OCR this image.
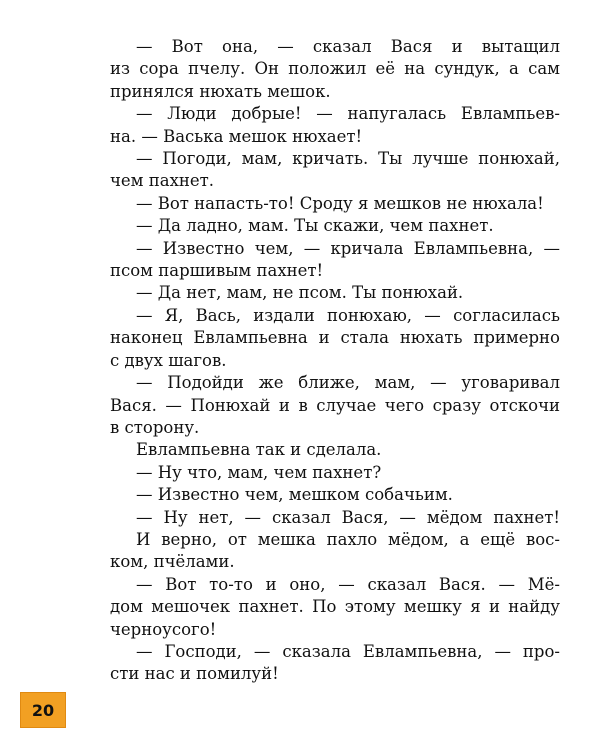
— Вот она, — сказал Вася и вытащил
из сора пчелу. Он положил её на сундук, а сам
принялся нюхать мешок.
— Люди добрые! — напугалась Евлампьев-
на. — Васька мешок нюхает!
— Погоди, мам, кричать. Ты лучше понюхай,
чем пахнет.
— Вот напасть-то! Сроду я мешков не нюхала!
— Да ладно, мам. Ты скажи, чем пахнет.
— Известно чем, — кричала Евлампьевна, —
псом паршивым пахнет!
— Да нет, мам, не псом. Ты понюхай.
— Я, Вась, издали понюхаю, — согласилась
наконец Евлампьевна и стала нюхать примерно
с двух шагов.
— Подойди же ближе, мам, — уговаривал
Вася. — Понюхай и в случае чего сразу отскочи
в сторону.
Евлампьевна так и сделала.
— Ну что, мам, чем пахнет?
— Известно чем, мешком собачьим.
— Ну нет, — сказал Вася, — мёдом пахнет!
И верно, от мешка пахло мёдом, а ещё вос-
ком, пчёлами.
— Вот то-то и оно, — сказал Вася. — Мё-
дом мешочек пахнет. По этому мешку я и найду
черноусого!
— Господи, — сказала Евлампьевна, — про-
сти нас и помилуй!
20
